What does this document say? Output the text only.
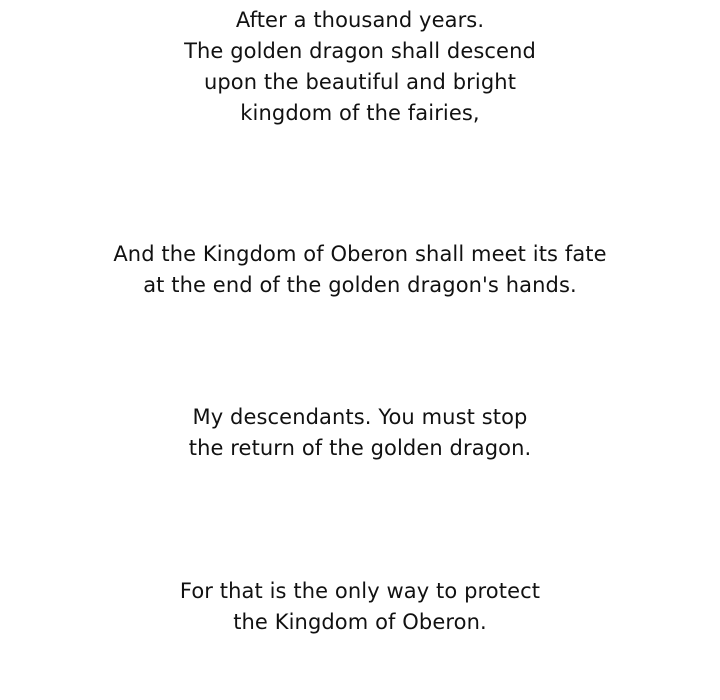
After a thousand years.
The golden dragon shall descend
upon the beautiful and bright
kingdom of the fairies,
And the Kingdom of Oberon shall meet its fate
at the end of the golden dragon's hands.
My descendants. You must stop
the return of the golden dragon.
For that is the only way to protect
the Kingdom of Oberon.
